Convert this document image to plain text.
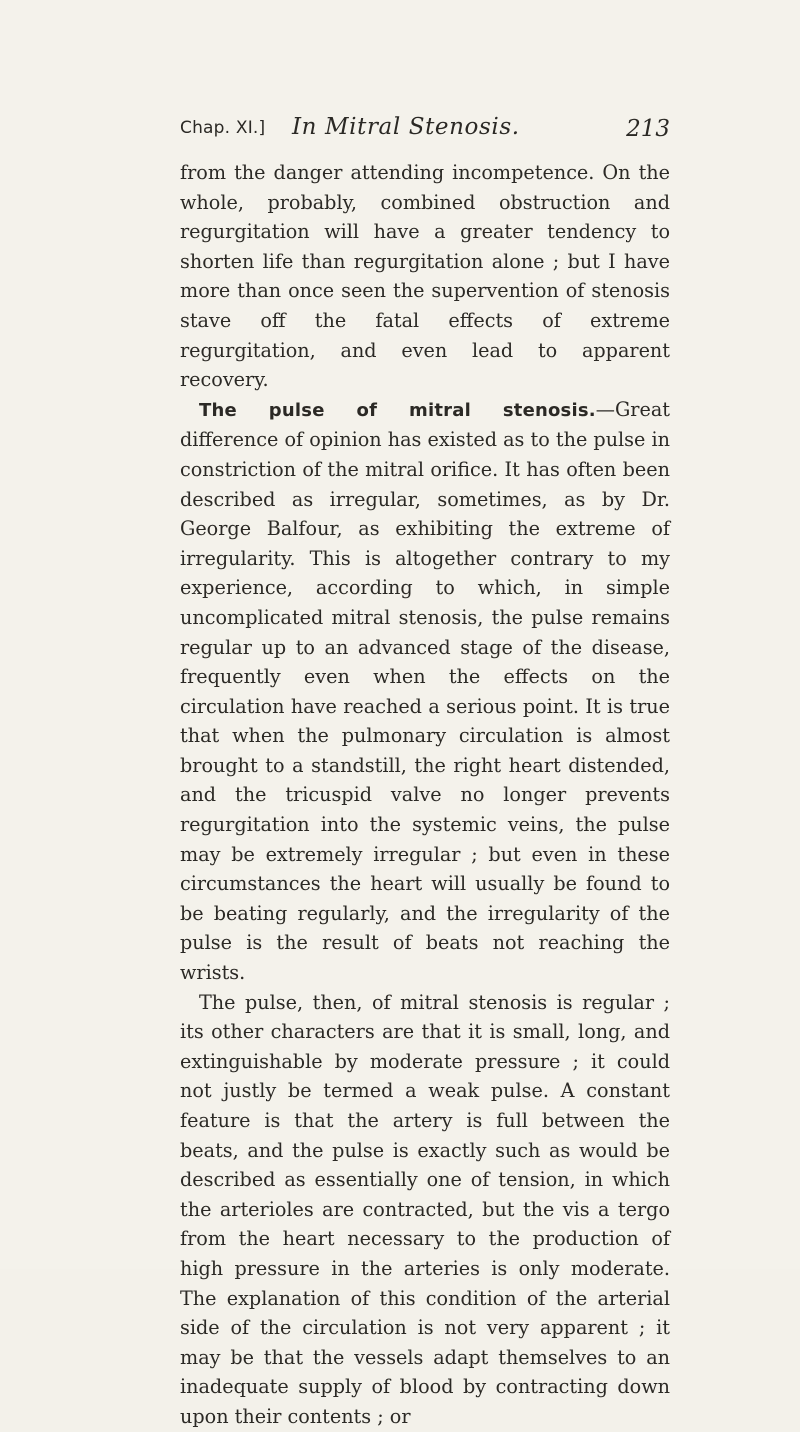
Chap. XI.] In Mitral Stenosis.	213

from the danger attending incompetence. On the whole, probably, combined obstruction and regurgitation will have a greater tendency to shorten life than regurgitation alone ; but I have more than once seen the supervention of stenosis stave off the fatal effects of extreme regurgitation, and even lead to apparent recovery.

The pulse of mitral stenosis.—Great difference of opinion has existed as to the pulse in constriction of the mitral orifice. It has often been described as irregular, sometimes, as by Dr. George Balfour, as exhibiting the extreme of irregularity. This is altogether contrary to my experience, according to which, in simple uncomplicated mitral stenosis, the pulse remains regular up to an advanced stage of the disease, frequently even when the effects on the circulation have reached a serious point. It is true that when the pulmonary circulation is almost brought to a standstill, the right heart distended, and the tricuspid valve no longer prevents regurgitation into the systemic veins, the pulse may be extremely irregular ; but even in these circumstances the heart will usually be found to be beating regularly, and the irregularity of the pulse is the result of beats not reaching the wrists.

The pulse, then, of mitral stenosis is regular ; its other characters are that it is small, long, and extinguishable by moderate pressure ; it could not justly be termed a weak pulse. A constant feature is that the artery is full between the beats, and the pulse is exactly such as would be described as essentially one of tension, in which the arterioles are contracted, but the vis a tergo from the heart necessary to the production of high pressure in the arteries is only moderate. The explanation of this condition of the arterial side of the circulation is not very apparent ; it may be that the vessels adapt themselves to an inadequate supply of blood by contracting down upon their contents ; or
